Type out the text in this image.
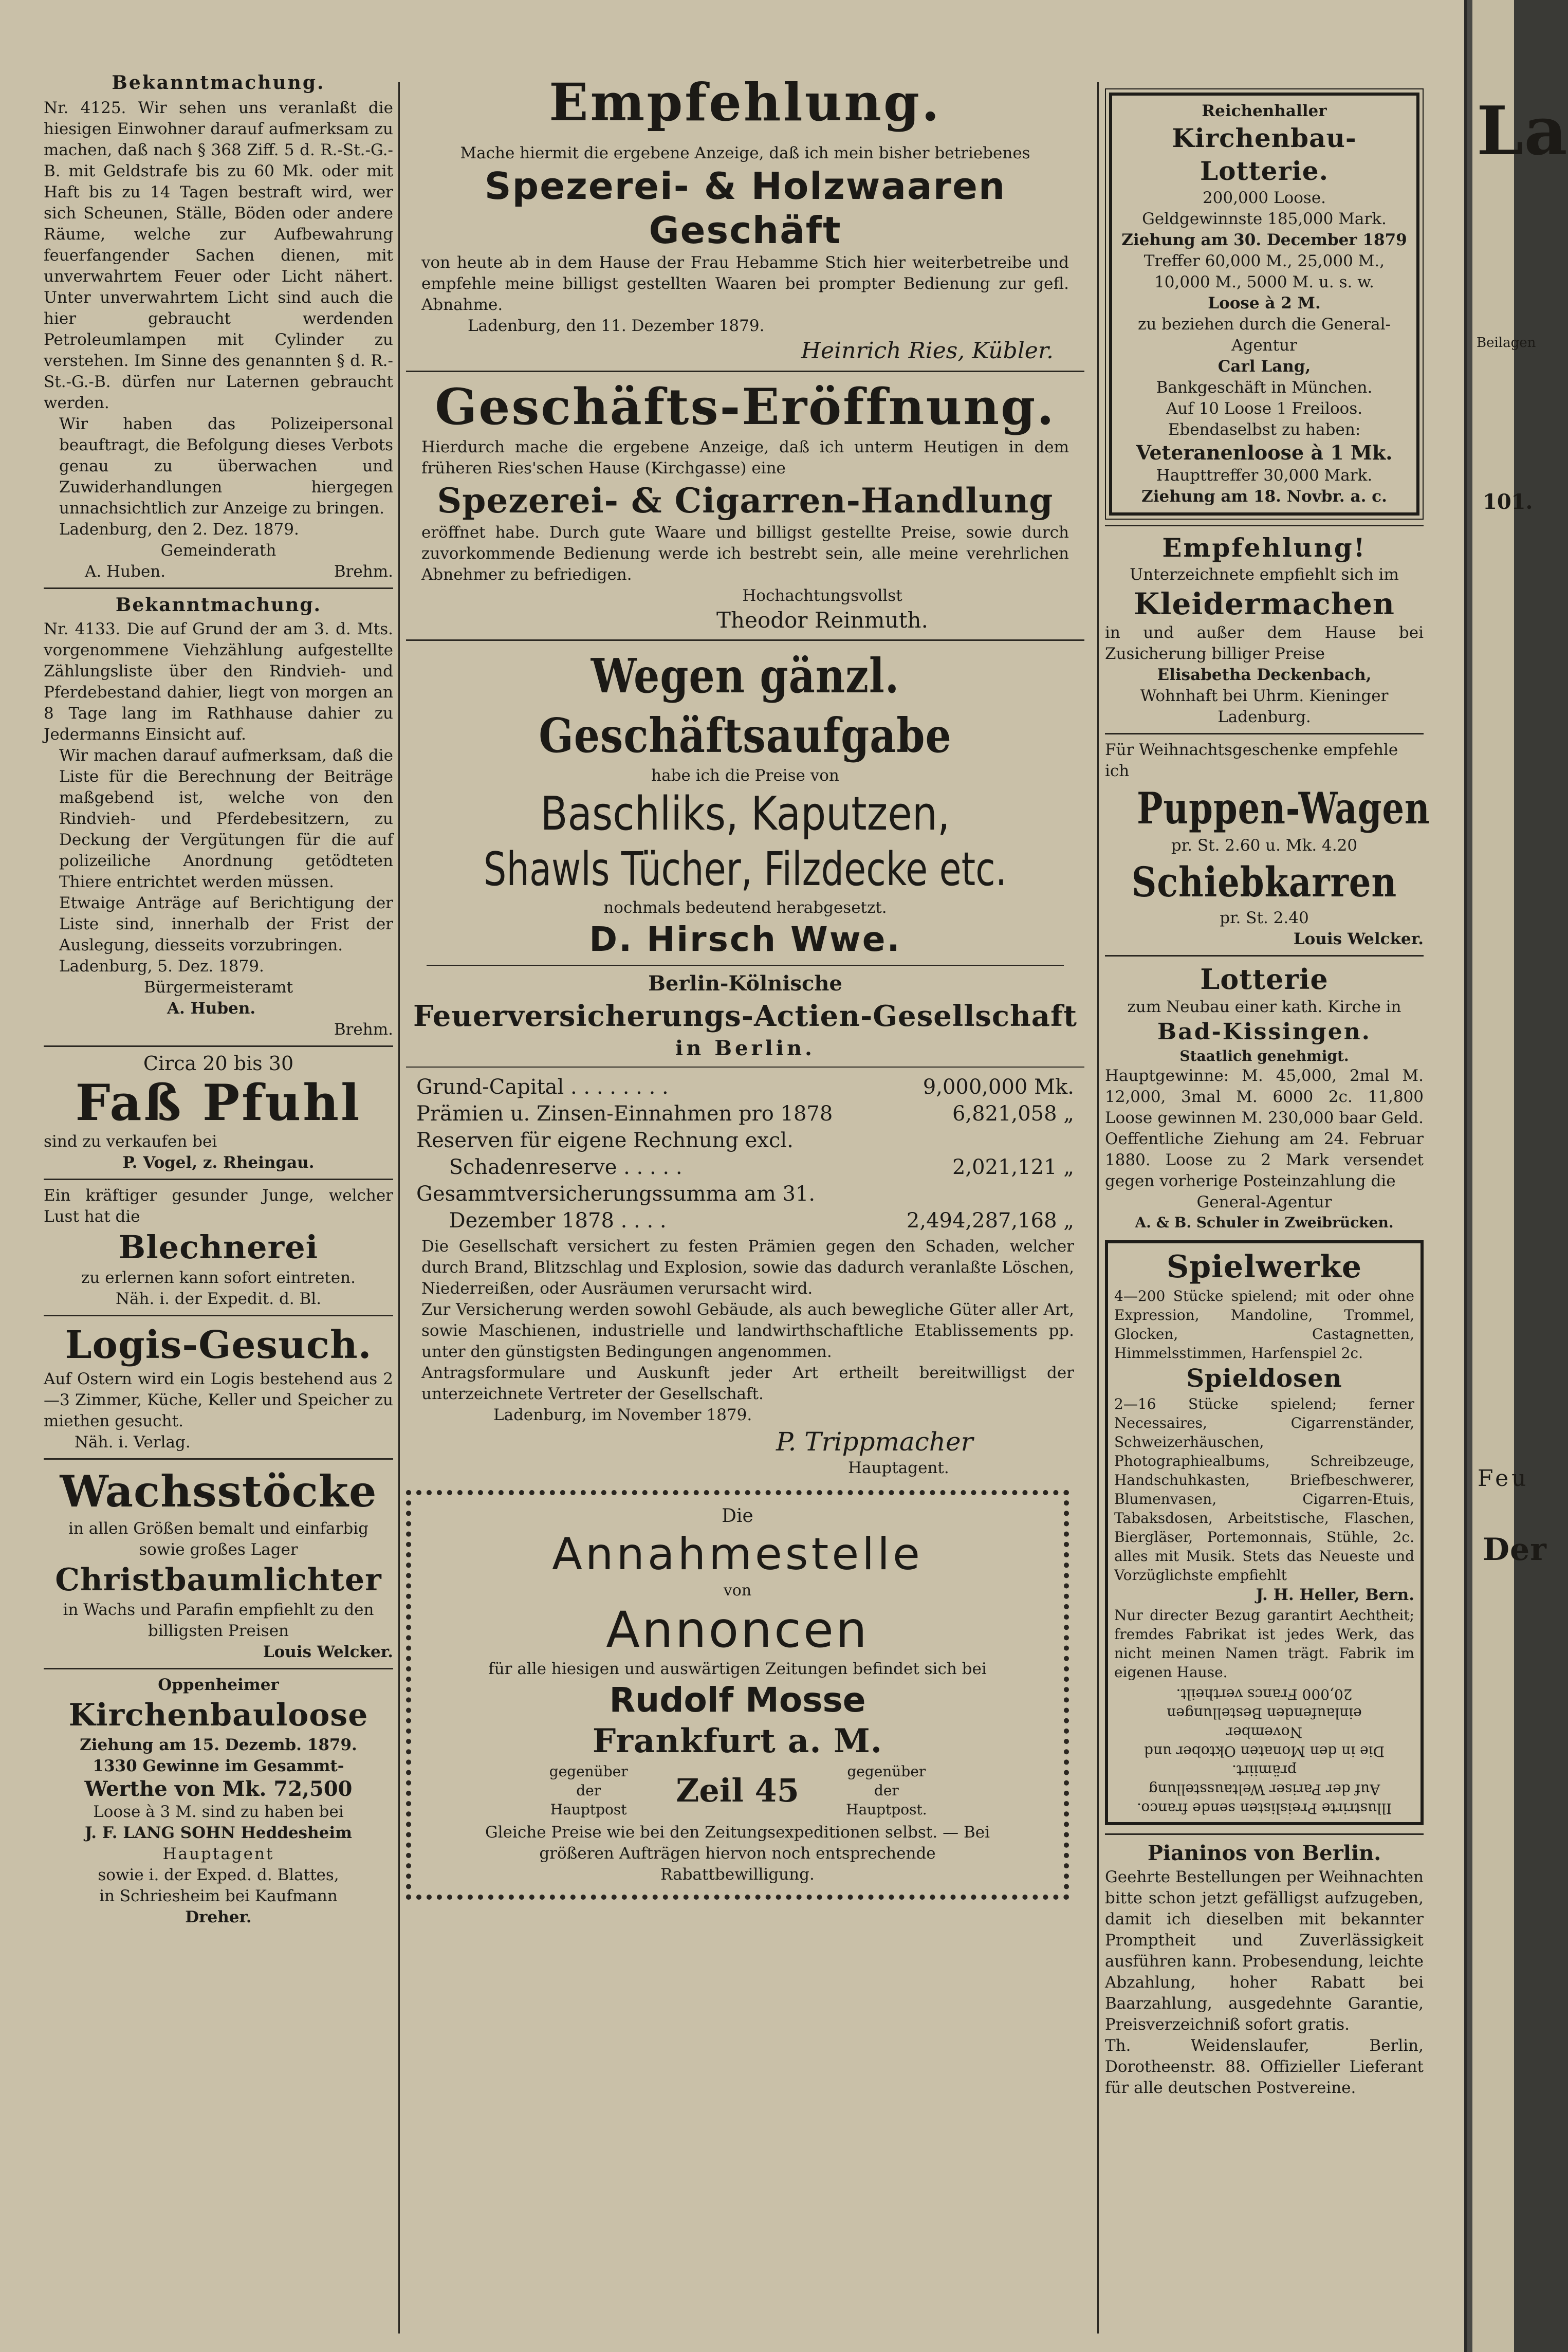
Bekanntmachung.
Nr. 4125. Wir sehen uns veranlaßt die hiesigen Einwohner darauf aufmerksam zu machen, daß nach § 368 Ziff. 5 d. R.-St.-G.-B. mit Geldstrafe bis zu 60 Mk. oder mit Haft bis zu 14 Tagen bestraft wird, wer sich Scheunen, Ställe, Böden oder andere Räume, welche zur Aufbewahrung feuerfangender Sachen dienen, mit unverwahrtem Feuer oder Licht nähert. Unter unverwahrtem Licht sind auch die hier gebraucht werdenden Petroleumlampen mit Cylinder zu verstehen. Im Sinne des genannten § d. R.-St.-G.-B. dürfen nur Laternen gebraucht werden.
Wir haben das Polizeipersonal beauftragt, die Befolgung dieses Verbots genau zu überwachen und Zuwiderhandlungen hiergegen unnachsichtlich zur Anzeige zu bringen.
Ladenburg, den 2. Dez. 1879.
Gemeinderath
A. Huben.	Brehm.
Bekanntmachung.
Nr. 4133. Die auf Grund der am 3. d. Mts. vorgenommene Viehzählung aufgestellte Zählungsliste über den Rindvieh- und Pferdebestand dahier, liegt von morgen an 8 Tage lang im Rathhause dahier zu Jedermanns Einsicht auf.
Wir machen darauf aufmerksam, daß die Liste für die Berechnung der Beiträge maßgebend ist, welche von den Rindvieh- und Pferdebesitzern, zu Deckung der Vergütungen für die auf polizeiliche Anordnung getödteten Thiere entrichtet werden müssen.
Etwaige Anträge auf Berichtigung der Liste sind, innerhalb der Frist der Auslegung, diesseits vorzubringen.
Ladenburg, 5. Dez. 1879.
Bürgermeisteramt
A. Huben.
Brehm.
Circa 20 bis 30
Faß Pfuhl
sind zu verkaufen bei
P. Vogel, z. Rheingau.
Ein kräftiger gesunder Junge, welcher Lust hat die
Blechnerei
zu erlernen kann sofort eintreten.
Näh. i. der Expedit. d. Bl.
Logis-Gesuch.
Auf Ostern wird ein Logis bestehend aus 2—3 Zimmer, Küche, Keller und Speicher zu miethen gesucht.
Näh. i. Verlag.
Wachsstöcke
in allen Größen bemalt und einfarbig sowie großes Lager
Christbaumlichter
in Wachs und Parafin empfiehlt zu den billigsten Preisen
Louis Welcker.
Oppenheimer
Kirchenbauloose
Ziehung am 15. Dezemb. 1879.
1330 Gewinne im Gesammt-
Werthe von Mk. 72,500
Loose à 3 M. sind zu haben bei
J. F. LANG SOHN Heddesheim
Hauptagent
sowie i. der Exped. d. Blattes,
in Schriesheim bei Kaufmann
Dreher.
Empfehlung.
Mache hiermit die ergebene Anzeige, daß ich mein bisher betriebenes
Spezerei- & Holzwaaren
Geschäft
von heute ab in dem Hause der Frau Hebamme Stich hier weiterbetreibe und empfehle meine billigst gestellten Waaren bei prompter Bedienung zur gefl. Abnahme.
Ladenburg, den 11. Dezember 1879.
Heinrich Ries, Kübler.
Geschäfts-Eröffnung.
Hierdurch mache die ergebene Anzeige, daß ich unterm Heutigen in dem früheren Ries'schen Hause (Kirchgasse) eine
Spezerei- & Cigarren-Handlung
eröffnet habe. Durch gute Waare und billigst gestellte Preise, sowie durch zuvorkommende Bedienung werde ich bestrebt sein, alle meine verehrlichen Abnehmer zu befriedigen.
Hochachtungsvollst
Theodor Reinmuth.
Wegen gänzl. Geschäftsaufgabe
habe ich die Preise von
Baschliks, Kaputzen,
Shawls Tücher, Filzdecke etc.
nochmals bedeutend herabgesetzt.
D. Hirsch Wwe.
Berlin-Kölnische
Feuerversicherungs-Actien-Gesellschaft
in Berlin.
Grund-Capital . . . . . . . .	9,000,000 Mk.
Prämien u. Zinsen-Einnahmen pro 1878	6,821,058 „
Reserven für eigene Rechnung excl.
Schadenreserve . . . . .	2,021,121 „
Gesammtversicherungssumma am 31.
Dezember 1878 . . . .	2,494,287,168 „
Die Gesellschaft versichert zu festen Prämien gegen den Schaden, welcher durch Brand, Blitzschlag und Explosion, sowie das dadurch veranlaßte Löschen, Niederreißen, oder Ausräumen verursacht wird.
Zur Versicherung werden sowohl Gebäude, als auch bewegliche Güter aller Art, sowie Maschienen, industrielle und landwirthschaftliche Etablissements pp. unter den günstigsten Bedingungen angenommen.
Antragsformulare und Auskunft jeder Art ertheilt bereitwilligst der unterzeichnete Vertreter der Gesellschaft.
Ladenburg, im November 1879.
P. Trippmacher
Hauptagent.
Die
Annahmestelle
von
Annoncen
für alle hiesigen und auswärtigen Zeitungen befindet sich bei
Rudolf Mosse
Frankfurt a. M.
gegenüber der Hauptpost
Zeil 45	gegenüber der Hauptpost.
Gleiche Preise wie bei den Zeitungsexpeditionen selbst. — Bei größeren Aufträgen hiervon noch entsprechende Rabattbewilligung.
Reichenhaller
Kirchenbau-Lotterie.
200,000 Loose.
Geldgewinnste 185,000 Mark.
Ziehung am 30. December 1879
Treffer 60,000 M., 25,000 M.,
10,000 M., 5000 M. u. s. w.
Loose à 2 M.
zu beziehen durch die General-Agentur
Carl Lang,
Bankgeschäft in München.
Auf 10 Loose 1 Freiloos.
Ebendaselbst zu haben:
Veteranenloose à 1 Mk.
Haupttreffer 30,000 Mark.
Ziehung am 18. Novbr. a. c.
Empfehlung!
Unterzeichnete empfiehlt sich im
Kleidermachen
in und außer dem Hause bei Zusicherung billiger Preise
Elisabetha Deckenbach,
Wohnhaft bei Uhrm. Kieninger
Ladenburg.
Für Weihnachtsgeschenke empfehle ich
Puppen-Wagen
pr. St. 2.60 u. Mk. 4.20
Schiebkarren
pr. St. 2.40
Louis Welcker.
Lotterie
zum Neubau einer kath. Kirche in
Bad-Kissingen.
Staatlich genehmigt.
Hauptgewinne: M. 45,000, 2mal M. 12,000, 3mal M. 6000 2c. 11,800 Loose gewinnen M. 230,000 baar Geld. Oeffentliche Ziehung am 24. Februar 1880. Loose zu 2 Mark versendet gegen vorherige Posteinzahlung die
General-Agentur
A. & B. Schuler in Zweibrücken.
Spielwerke
4—200 Stücke spielend; mit oder ohne Expression, Mandoline, Trommel, Glocken, Castagnetten, Himmelsstimmen, Harfenspiel 2c.
Spieldosen
2—16 Stücke spielend; ferner Necessaires, Cigarrenständer, Schweizerhäuschen, Photographiealbums, Schreibzeuge, Handschuhkasten, Briefbeschwerer, Blumenvasen, Cigarren-Etuis, Tabaksdosen, Arbeitstische, Flaschen, Biergläser, Portemonnais, Stühle, 2c. alles mit Musik. Stets das Neueste und Vorzüglichste empfiehlt
J. H. Heller, Bern.
Nur directer Bezug garantirt Aechtheit; fremdes Fabrikat ist jedes Werk, das nicht meinen Namen trägt. Fabrik im eigenen Hause.
Illustrirte Preislisten sende franco.
Auf der Pariser Weltausstellung prämiirt.
Die in den Monaten Oktober und November
einlaufenden Bestellungen
20,000 Francs vertheilt.
Pianinos von Berlin.
Geehrte Bestellungen per Weihnachten bitte schon jetzt gefälligst aufzugeben, damit ich dieselben mit bekannter Promptheit und Zuverlässigkeit ausführen kann. Probesendung, leichte Abzahlung, hoher Rabatt bei Baarzahlung, ausgedehnte Garantie, Preisverzeichniß sofort gratis.
Th. Weidenslaufer, Berlin, Dorotheenstr. 88. Offizieller Lieferant für alle deutschen Postvereine.
La
Beilagen
101.
Feu
Der
